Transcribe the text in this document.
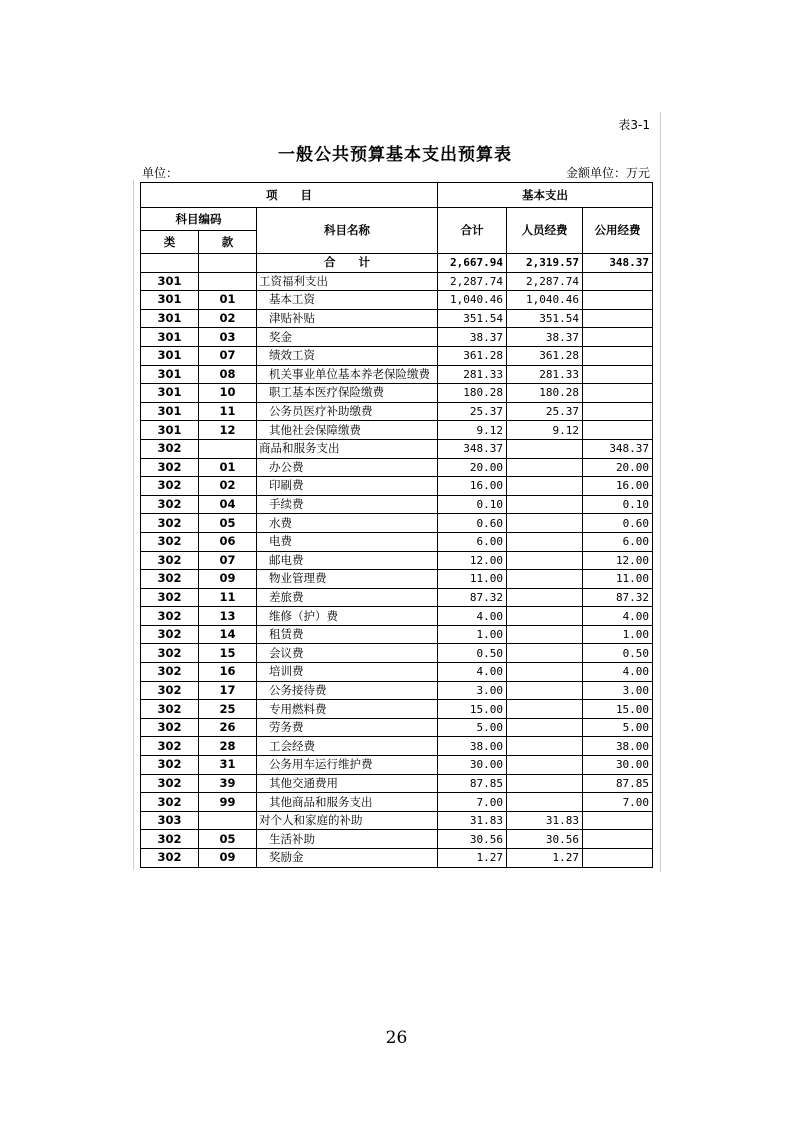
表3-1
一般公共预算基本支出预算表
单位：	金额单位：万元
项　　目			基本支出		
科目编码		科目名称	合计	人员经费	公用经费
类	款				
		合　　计	2,667.94	2,319.57	348.37
301		工资福利支出	2,287.74	2,287.74	
301	01	基本工资	1,040.46	1,040.46	
301	02	津贴补贴	351.54	351.54	
301	03	奖金	38.37	38.37	
301	07	绩效工资	361.28	361.28	
301	08	机关事业单位基本养老保险缴费	281.33	281.33	
301	10	职工基本医疗保险缴费	180.28	180.28	
301	11	公务员医疗补助缴费	25.37	25.37	
301	12	其他社会保障缴费	9.12	9.12	
302		商品和服务支出	348.37		348.37
302	01	办公费	20.00		20.00
302	02	印刷费	16.00		16.00
302	04	手续费	0.10		0.10
302	05	水费	0.60		0.60
302	06	电费	6.00		6.00
302	07	邮电费	12.00		12.00
302	09	物业管理费	11.00		11.00
302	11	差旅费	87.32		87.32
302	13	维修（护）费	4.00		4.00
302	14	租赁费	1.00		1.00
302	15	会议费	0.50		0.50
302	16	培训费	4.00		4.00
302	17	公务接待费	3.00		3.00
302	25	专用燃料费	15.00		15.00
302	26	劳务费	5.00		5.00
302	28	工会经费	38.00		38.00
302	31	公务用车运行维护费	30.00		30.00
302	39	其他交通费用	87.85		87.85
302	99	其他商品和服务支出	7.00		7.00
303		对个人和家庭的补助	31.83	31.83	
302	05	生活补助	30.56	30.56	
302	09	奖励金	1.27	1.27	
26
